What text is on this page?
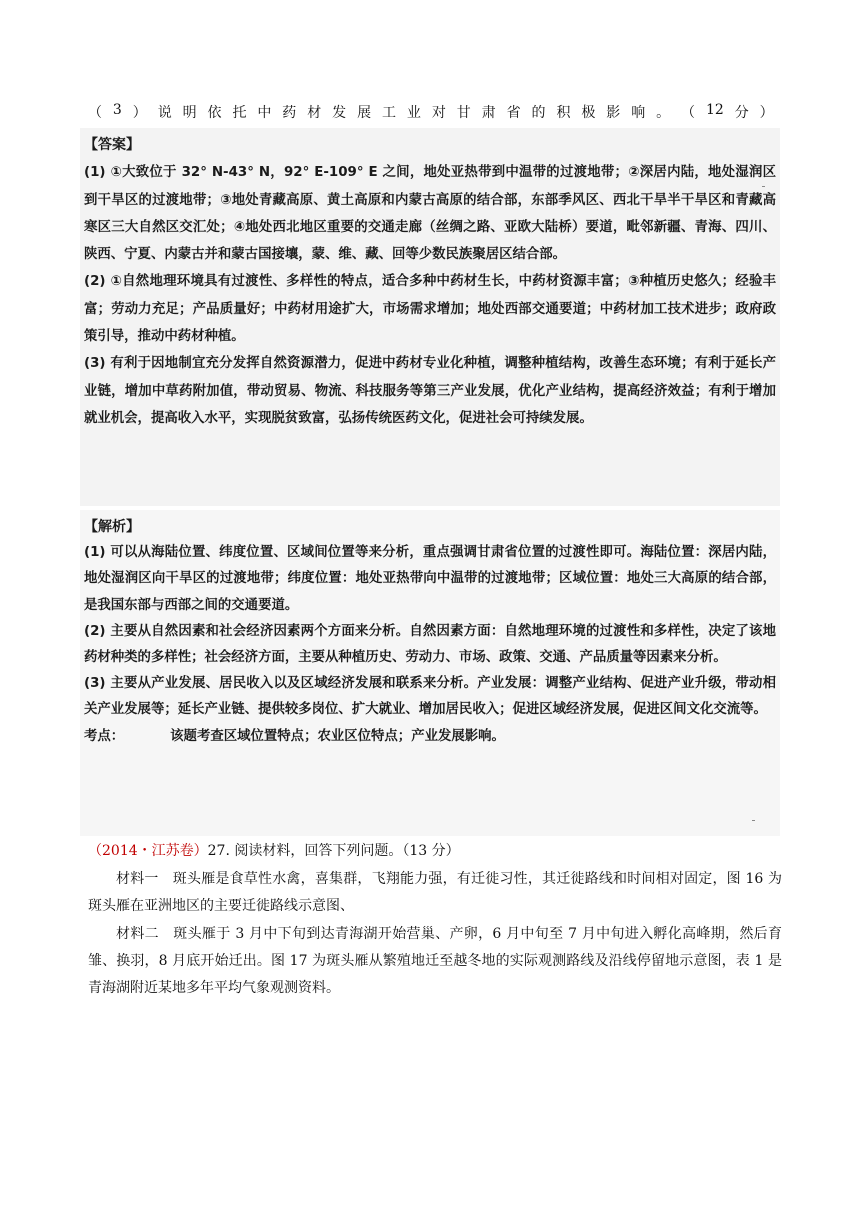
（ 3 ） 说 明 依 托 中 药 材 发 展 工 业 对 甘 肃 省 的 积 极 影 响 。 （ 12 分 ）
【答案】

(1) ①大致位于 32° N-43° N，92° E-109° E 之间，地处亚热带到中温带的过渡地带；②深居内陆，地处湿润区到干旱区的过渡地带；③地处青藏高原、黄土高原和内蒙古高原的结合部，东部季风区、西北干旱半干旱区和青藏高寒区三大自然区交汇处；④地处西北地区重要的交通走廊（丝绸之路、亚欧大陆桥）要道，毗邻新疆、青海、四川、陕西、宁夏、内蒙古并和蒙古国接壤，蒙、维、藏、回等少数民族聚居区结合部。

(2) ①自然地理环境具有过渡性、多样性的特点，适合多种中药材生长，中药材资源丰富；③种植历史悠久；经验丰富；劳动力充足；产品质量好；中药材用途扩大，市场需求增加；地处西部交通要道；中药材加工技术进步；政府政策引导，推动中药材种植。

(3) 有利于因地制宜充分发挥自然资源潜力，促进中药材专业化种植，调整种植结构，改善生态环境；有利于延长产业链，增加中草药附加值，带动贸易、物流、科技服务等第三产业发展，优化产业结构，提高经济效益；有利于增加就业机会，提高收入水平，实现脱贫致富，弘扬传统医药文化，促进社会可持续发展。

【解析】

(1) 可以从海陆位置、纬度位置、区域间位置等来分析，重点强调甘肃省位置的过渡性即可。海陆位置：深居内陆，地处湿润区向干旱区的过渡地带；纬度位置：地处亚热带向中温带的过渡地带；区域位置：地处三大高原的结合部，是我国东部与西部之间的交通要道。

(2) 主要从自然因素和社会经济因素两个方面来分析。自然因素方面：自然地理环境的过渡性和多样性，决定了该地药材种类的多样性；社会经济方面，主要从种植历史、劳动力、市场、政策、交通、产品质量等因素来分析。

(3) 主要从产业发展、居民收入以及区域经济发展和联系来分析。产业发展：调整产业结构、促进产业升级，带动相关产业发展等；延长产业链、提供较多岗位、扩大就业、增加居民收入；促进区域经济发展，促进区间文化交流等。

考点：	该题考查区域位置特点；农业区位特点；产业发展影响。
（2014・江苏卷）27. 阅读材料，回答下列问题。（13 分）
材料一　斑头雁是食草性水禽，喜集群，飞翔能力强，有迁徙习性，其迁徙路线和时间相对固定，图 16 为斑头雁在亚洲地区的主要迁徙路线示意图、
材料二　斑头雁于 3 月中下旬到达青海湖开始营巢、产卵，6 月中旬至 7 月中旬进入孵化高峰期，然后育雏、换羽，8 月底开始迁出。图 17 为斑头雁从繁殖地迁至越冬地的实际观测路线及沿线停留地示意图，表 1 是青海湖附近某地多年平均气象观测资料。
